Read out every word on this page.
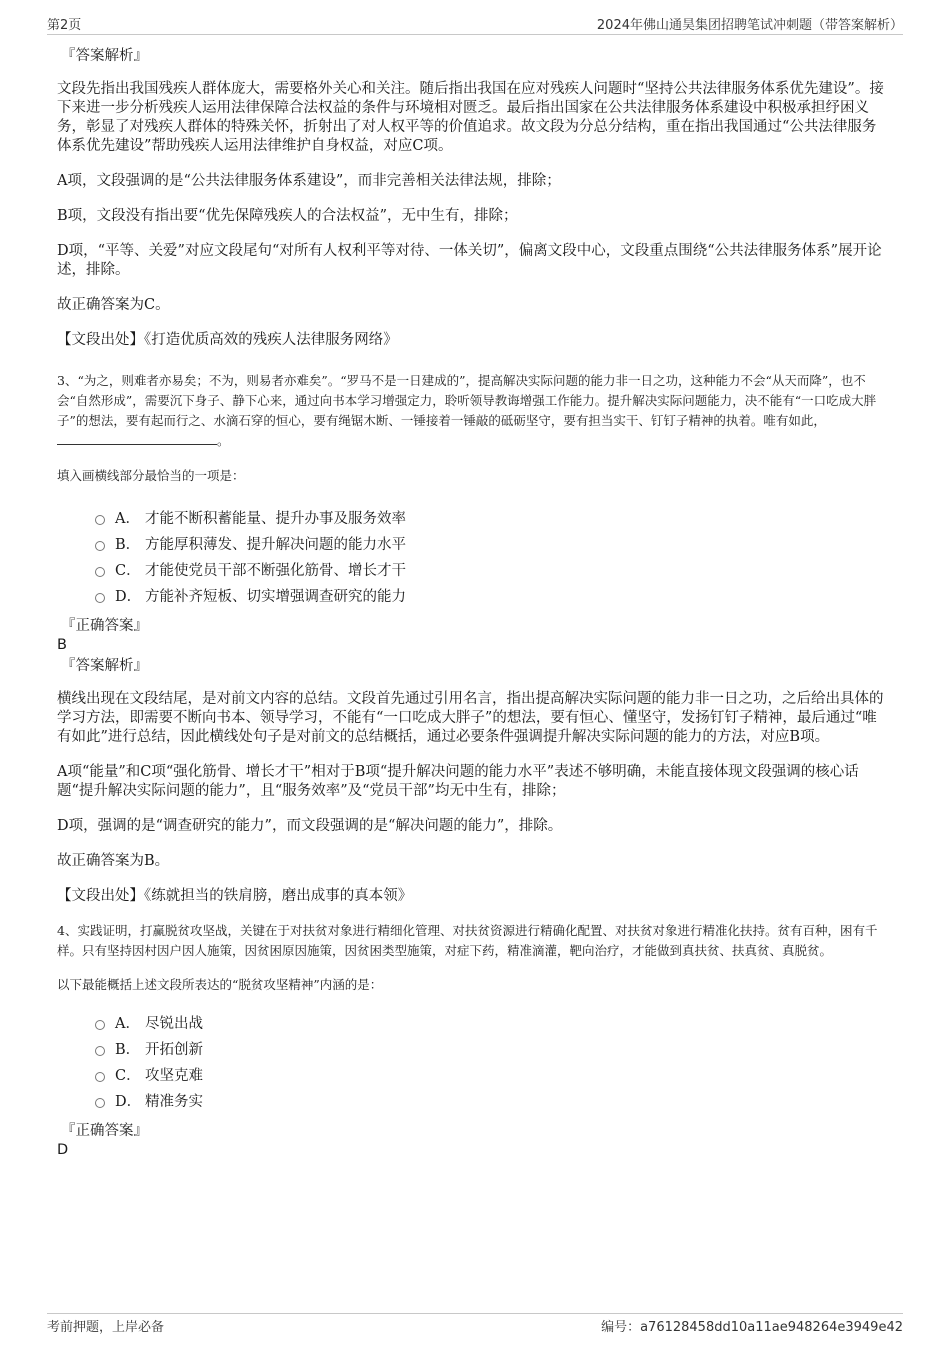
第2页	2024年佛山通昊集团招聘笔试冲刺题（带答案解析）
『答案解析』

文段先指出我国残疾人群体庞大，需要格外关心和关注。随后指出我国在应对残疾人问题时“坚持公共法律服务体系优先建设”。接下来进一步分析残疾人运用法律保障合法权益的条件与环境相对匮乏。最后指出国家在公共法律服务体系建设中积极承担纾困义务，彰显了对残疾人群体的特殊关怀，折射出了对人权平等的价值追求。故文段为分总分结构，重在指出我国通过“公共法律服务体系优先建设”帮助残疾人运用法律维护自身权益，对应C项。

A项，文段强调的是“公共法律服务体系建设”，而非完善相关法律法规，排除；

B项，文段没有指出要“优先保障残疾人的合法权益”，无中生有，排除；

D项，“平等、关爱”对应文段尾句“对所有人权利平等对待、一体关切”，偏离文段中心，文段重点围绕“公共法律服务体系”展开论述，排除。

故正确答案为C。

【文段出处】《打造优质高效的残疾人法律服务网络》

3、“为之，则难者亦易矣；不为，则易者亦难矣”。“罗马不是一日建成的”，提高解决实际问题的能力非一日之功，这种能力不会“从天而降”，也不会“自然形成”，需要沉下身子、静下心来，通过向书本学习增强定力，聆听领导教诲增强工作能力。提升解决实际问题能力，决不能有“一口吃成大胖子”的想法，要有起而行之、水滴石穿的恒心，要有绳锯木断、一锤接着一锤敲的砥砺坚守，要有担当实干、钉钉子精神的执着。唯有如此， 。

填入画横线部分最恰当的一项是：

A． 才能不断积蓄能量、提升办事及服务效率
B． 方能厚积薄发、提升解决问题的能力水平
C． 才能使党员干部不断强化筋骨、增长才干
D． 方能补齐短板、切实增强调查研究的能力
『正确答案』
B
『答案解析』

横线出现在文段结尾，是对前文内容的总结。文段首先通过引用名言，指出提高解决实际问题的能力非一日之功，之后给出具体的学习方法，即需要不断向书本、领导学习，不能有“一口吃成大胖子”的想法，要有恒心、懂坚守，发扬钉钉子精神，最后通过“唯有如此”进行总结，因此横线处句子是对前文的总结概括，通过必要条件强调提升解决实际问题的能力的方法，对应B项。

A项“能量”和C项“强化筋骨、增长才干”相对于B项“提升解决问题的能力水平”表述不够明确，未能直接体现文段强调的核心话题“提升解决实际问题的能力”，且“服务效率”及“党员干部”均无中生有，排除；

D项，强调的是“调查研究的能力”，而文段强调的是“解决问题的能力”，排除。

故正确答案为B。

【文段出处】《练就担当的铁肩膀，磨出成事的真本领》

4、实践证明，打赢脱贫攻坚战，关键在于对扶贫对象进行精细化管理、对扶贫资源进行精确化配置、对扶贫对象进行精准化扶持。贫有百种，困有千样。只有坚持因村因户因人施策，因贫困原因施策，因贫困类型施策，对症下药，精准滴灌，靶向治疗，才能做到真扶贫、扶真贫、真脱贫。

以下最能概括上述文段所表达的“脱贫攻坚精神”内涵的是：

A． 尽锐出战
B． 开拓创新
C． 攻坚克难
D． 精准务实
『正确答案』
D
考前押题，上岸必备	编号：a76128458dd10a11ae948264e3949e42
